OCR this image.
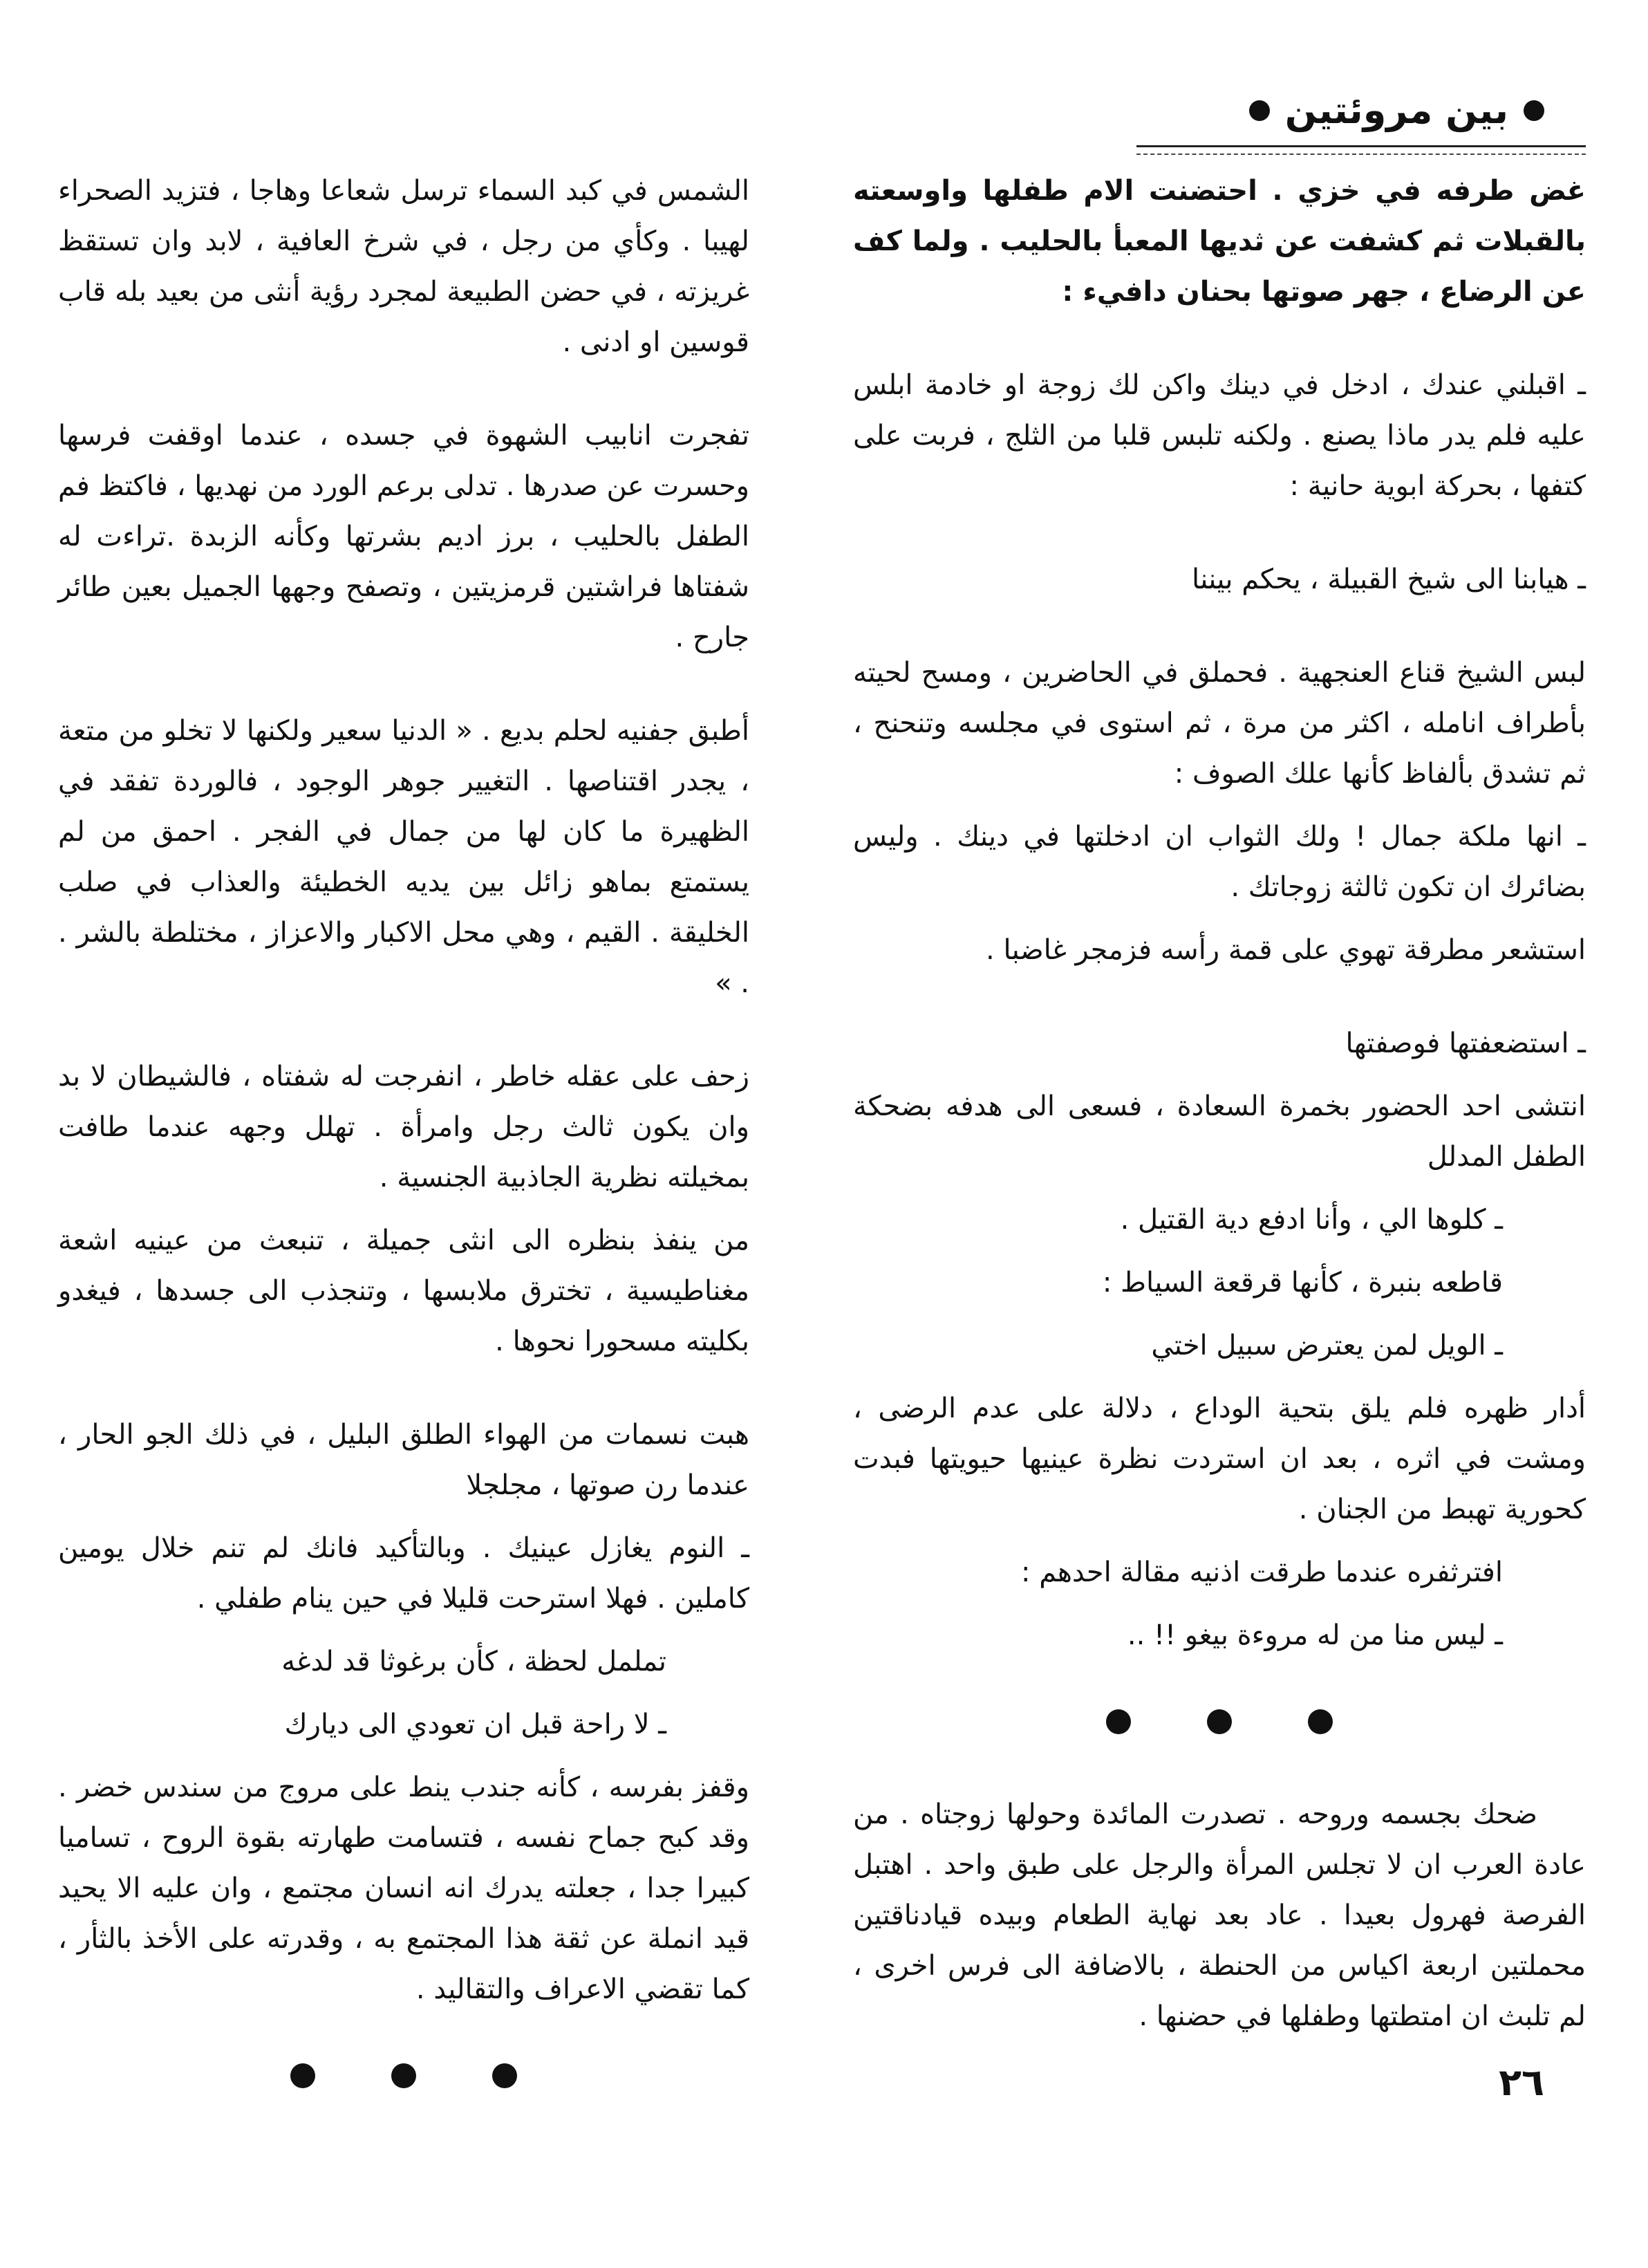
بين مروئتين

غض طرفه في خزي . احتضنت الام طفلها واوسعته بالقبلات ثم كشفت عن ثديها المعبأ بالحليب . ولما كف عن الرضاع ، جهر صوتها بحنان دافيء :

ـ اقبلني عندك ، ادخل في دينك واكن لك زوجة او خادمة ابلس عليه فلم يدر ماذا يصنع . ولكنه تلبس قلبا من الثلج ، فربت على كتفها ، بحركة ابوية حانية :

ـ هيابنا الى شيخ القبيلة ، يحكم بيننا

لبس الشيخ قناع العنجهية . فحملق في الحاضرين ، ومسح لحيته بأطراف انامله ، اكثر من مرة ، ثم استوى في مجلسه وتنحنح ، ثم تشدق بألفاظ كأنها علك الصوف :

ـ انها ملكة جمال ! ولك الثواب ان ادخلتها في دينك . وليس بضائرك ان تكون ثالثة زوجاتك .

استشعر مطرقة تهوي على قمة رأسه فزمجر غاضبا .

ـ استضعفتها فوصفتها

انتشى احد الحضور بخمرة السعادة ، فسعى الى هدفه بضحكة الطفل المدلل

ـ كلوها الي ، وأنا ادفع دية القتيل .

قاطعه بنبرة ، كأنها قرقعة السياط :

ـ الويل لمن يعترض سبيل اختي

أدار ظهره فلم يلق بتحية الوداع ، دلالة على عدم الرضى ، ومشت في اثره ، بعد ان استردت نظرة عينيها حيويتها فبدت كحورية تهبط من الجنان .

افترثفره عندما طرقت اذنيه مقالة احدهم :

ـ ليس منا من له مروءة بيغو !! ..

ضحك بجسمه وروحه . تصدرت المائدة وحولها زوجتاه . من عادة العرب ان لا تجلس المرأة والرجل على طبق واحد . اهتبل الفرصة فهرول بعيدا . عاد بعد نهاية الطعام وبيده قيادناقتين محملتين اربعة اكياس من الحنطة ، بالاضافة الى فرس اخرى ، لم تلبث ان امتطتها وطفلها في حضنها .

الشمس في كبد السماء ترسل شعاعا وهاجا ، فتزيد الصحراء لهيبا . وكأي من رجل ، في شرخ العافية ، لابد وان تستقظ غريزته ، في حضن الطبيعة لمجرد رؤية أنثى من بعيد بله قاب قوسين او ادنى .

تفجرت انابيب الشهوة في جسده ، عندما اوقفت فرسها وحسرت عن صدرها . تدلى برعم الورد من نهديها ، فاكتظ فم الطفل بالحليب ، برز اديم بشرتها وكأنه الزبدة .تراءت له شفتاها فراشتين قرمزيتين ، وتصفح وجهها الجميل بعين طائر جارح .

أطبق جفنيه لحلم بديع . « الدنيا سعير ولكنها لا تخلو من متعة ، يجدر اقتناصها . التغيير جوهر الوجود ، فالوردة تفقد في الظهيرة ما كان لها من جمال في الفجر . احمق من لم يستمتع بماهو زائل بين يديه الخطيئة والعذاب في صلب الخليقة . القيم ، وهي محل الاكبار والاعزاز ، مختلطة بالشر . . »

زحف على عقله خاطر ، انفرجت له شفتاه ، فالشيطان لا بد وان يكون ثالث رجل وامرأة . تهلل وجهه عندما طافت بمخيلته نظرية الجاذبية الجنسية .

من ينفذ بنظره الى انثى جميلة ، تنبعث من عينيه اشعة مغناطيسية ، تخترق ملابسها ، وتنجذب الى جسدها ، فيغدو بكليته مسحورا نحوها .

هبت نسمات من الهواء الطلق البليل ، في ذلك الجو الحار ، عندما رن صوتها ، مجلجلا

ـ النوم يغازل عينيك . وبالتأكيد فانك لم تنم خلال يومين كاملين . فهلا استرحت قليلا في حين ينام طفلي .

تململ لحظة ، كأن برغوثا قد لدغه

ـ لا راحة قبل ان تعودي الى ديارك

وقفز بفرسه ، كأنه جندب ينط على مروج من سندس خضر . وقد كبح جماح نفسه ، فتسامت طهارته بقوة الروح ، تساميا كبيرا جدا ، جعلته يدرك انه انسان مجتمع ، وان عليه الا يحيد قيد انملة عن ثقة هذا المجتمع به ، وقدرته على الأخذ بالثأر ، كما تقضي الاعراف والتقاليد .

٢٦
